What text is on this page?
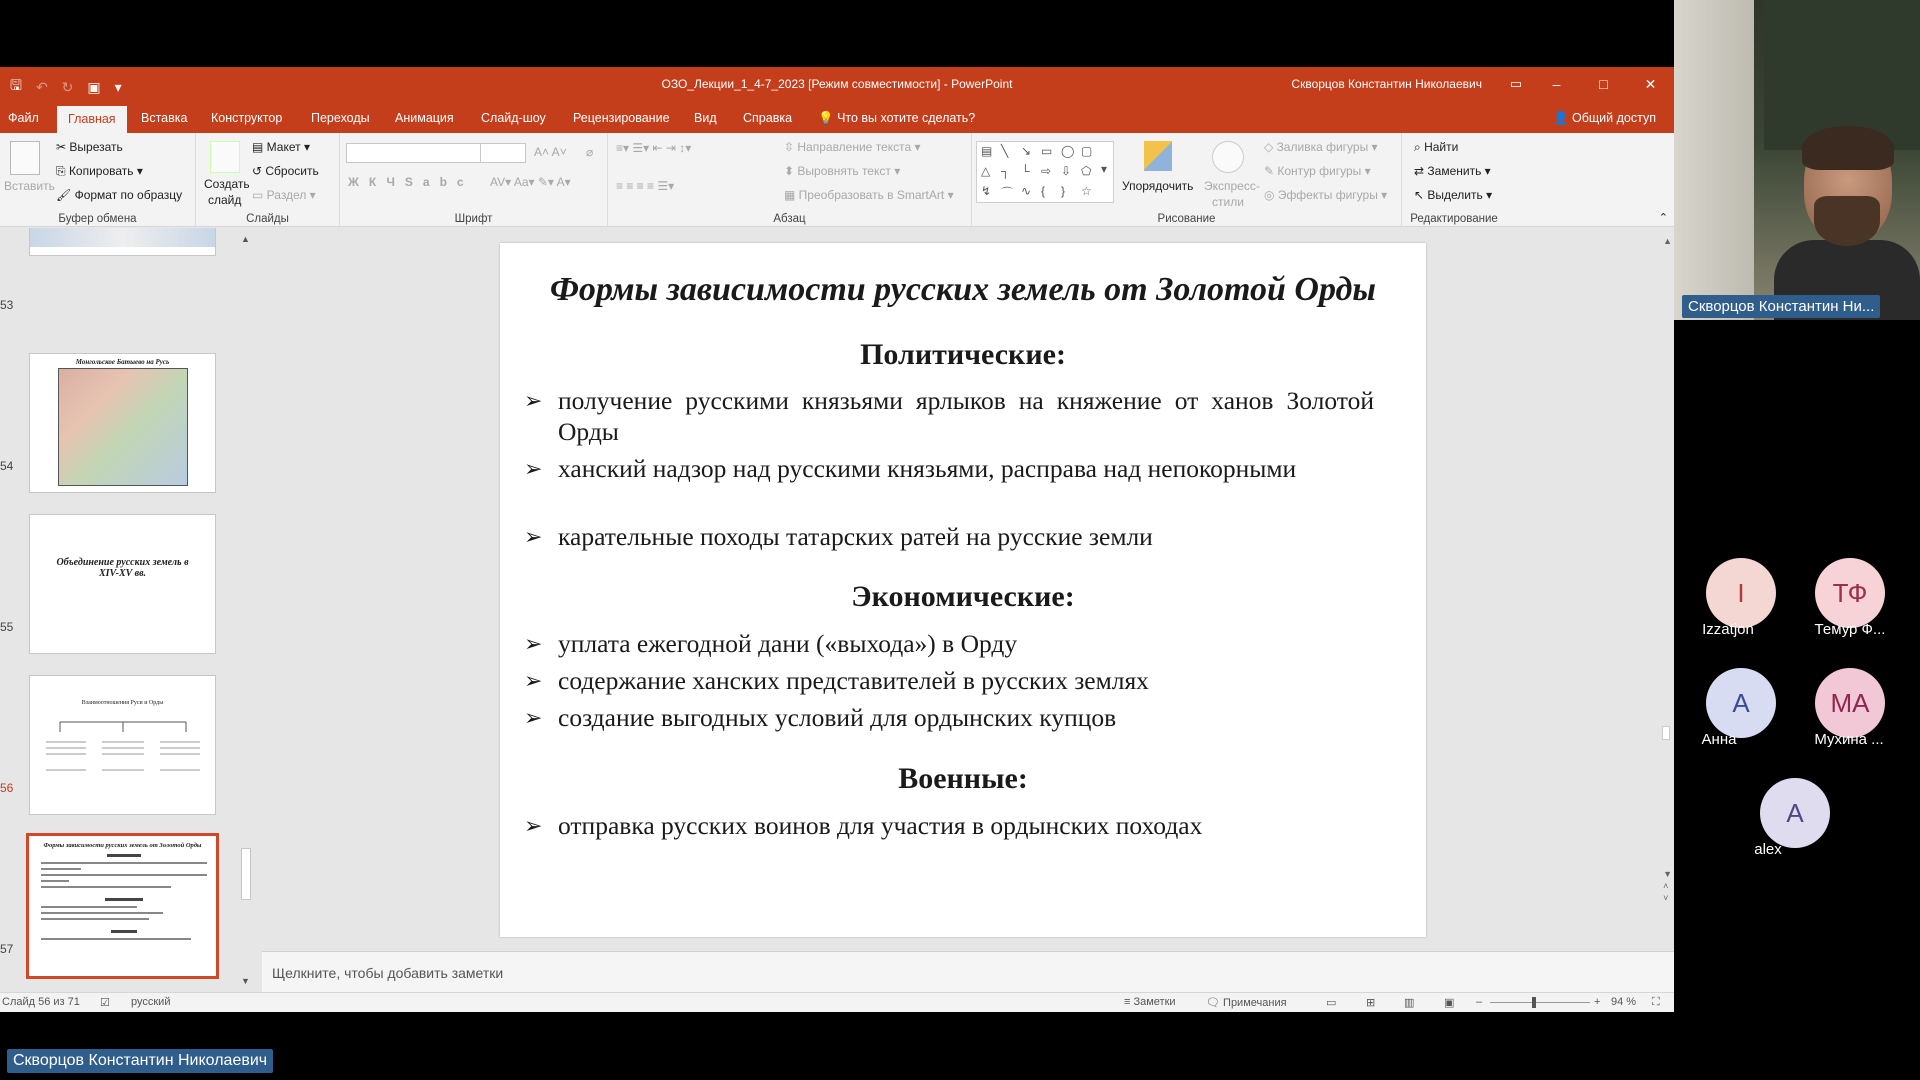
🖫 ↶ ↻ ▣ ▾	ОЗО_Лекции_1_4-7_2023 [Режим совместимости] - PowerPoint	Скворцов Константин Николаевич ▭	–	□	✕
Файл	Главная	Вставка Конструктор Переходы Анимация Слайд-шоу Рецензирование Вид Справка 💡 Что вы хотите сделать?	👤 Общий доступ
Вставить
✂ Вырезать
⎘ Копировать ▾
🖌 Формат по образцу
Буфер обмена
Создать
слайд
▤ Макет ▾
↺ Сбросить
▭ Раздел ▾
Слайды
A˄ A˅ ⌀
ЖКЧSabc AV▾ Aa▾ ✎▾ A▾
Шрифт
≡▾ ☰▾ ⇤ ⇥ ↕▾
≡ ≡ ≡ ≡ ☰▾
⇳ Направление текста ▾
⬍ Выровнять текст ▾
▦ Преобразовать в SmartArt ▾
Абзац
▤ ╲ ↘ ▭ ◯ ▢
△ ┐ └ ⇨ ⇩ ⬠
↯ ⌒ ∿ { } ☆
▾
Упорядочить Экспресс-
стили
◇ Заливка фигуры ▾
✎ Контур фигуры ▾
◎ Эффекты фигуры ▾
Рисование
⌕ Найти
⇄ Заменить ▾
↖ Выделить ▾
Редактирование	⌃
53
Монгольское Батыево на Русь
54
Объединение русских земель в XIV-XV вв.
55
Взаимоотношения Руси и Орды
56
Формы зависимости русских земель от Золотой Орды
57
▲
▼
Формы зависимости русских земель от Золотой Орды
Политические:
➢ получение русскими князьями ярлыков на княжение от ханов Золотой Орды
➢ ханский надзор над русскими князьями, расправа над непокорными
➢ карательные походы татарских ратей на русские земли
Экономические:
➢ уплата ежегодной дани («выхода») в Орду
➢ содержание ханских представителей в русских землях
➢ создание выгодных условий для ордынских купцов
Военные:
➢ отправка русских воинов для участия в ордынских походах
▲
▼
˄
˅
Щелкните, чтобы добавить заметки
Слайд 56 из 71 ☑ русский	≡ Заметки	🗨 Примечания	▭	⊞	▥	▣ –	+ 94 % ⛶
Скворцов Константин Ни...
I
Izzatjon
ТФ
Темур Ф...
А
Анна
МА
Мухина ...
А
alex
Скворцов Константин Николаевич
